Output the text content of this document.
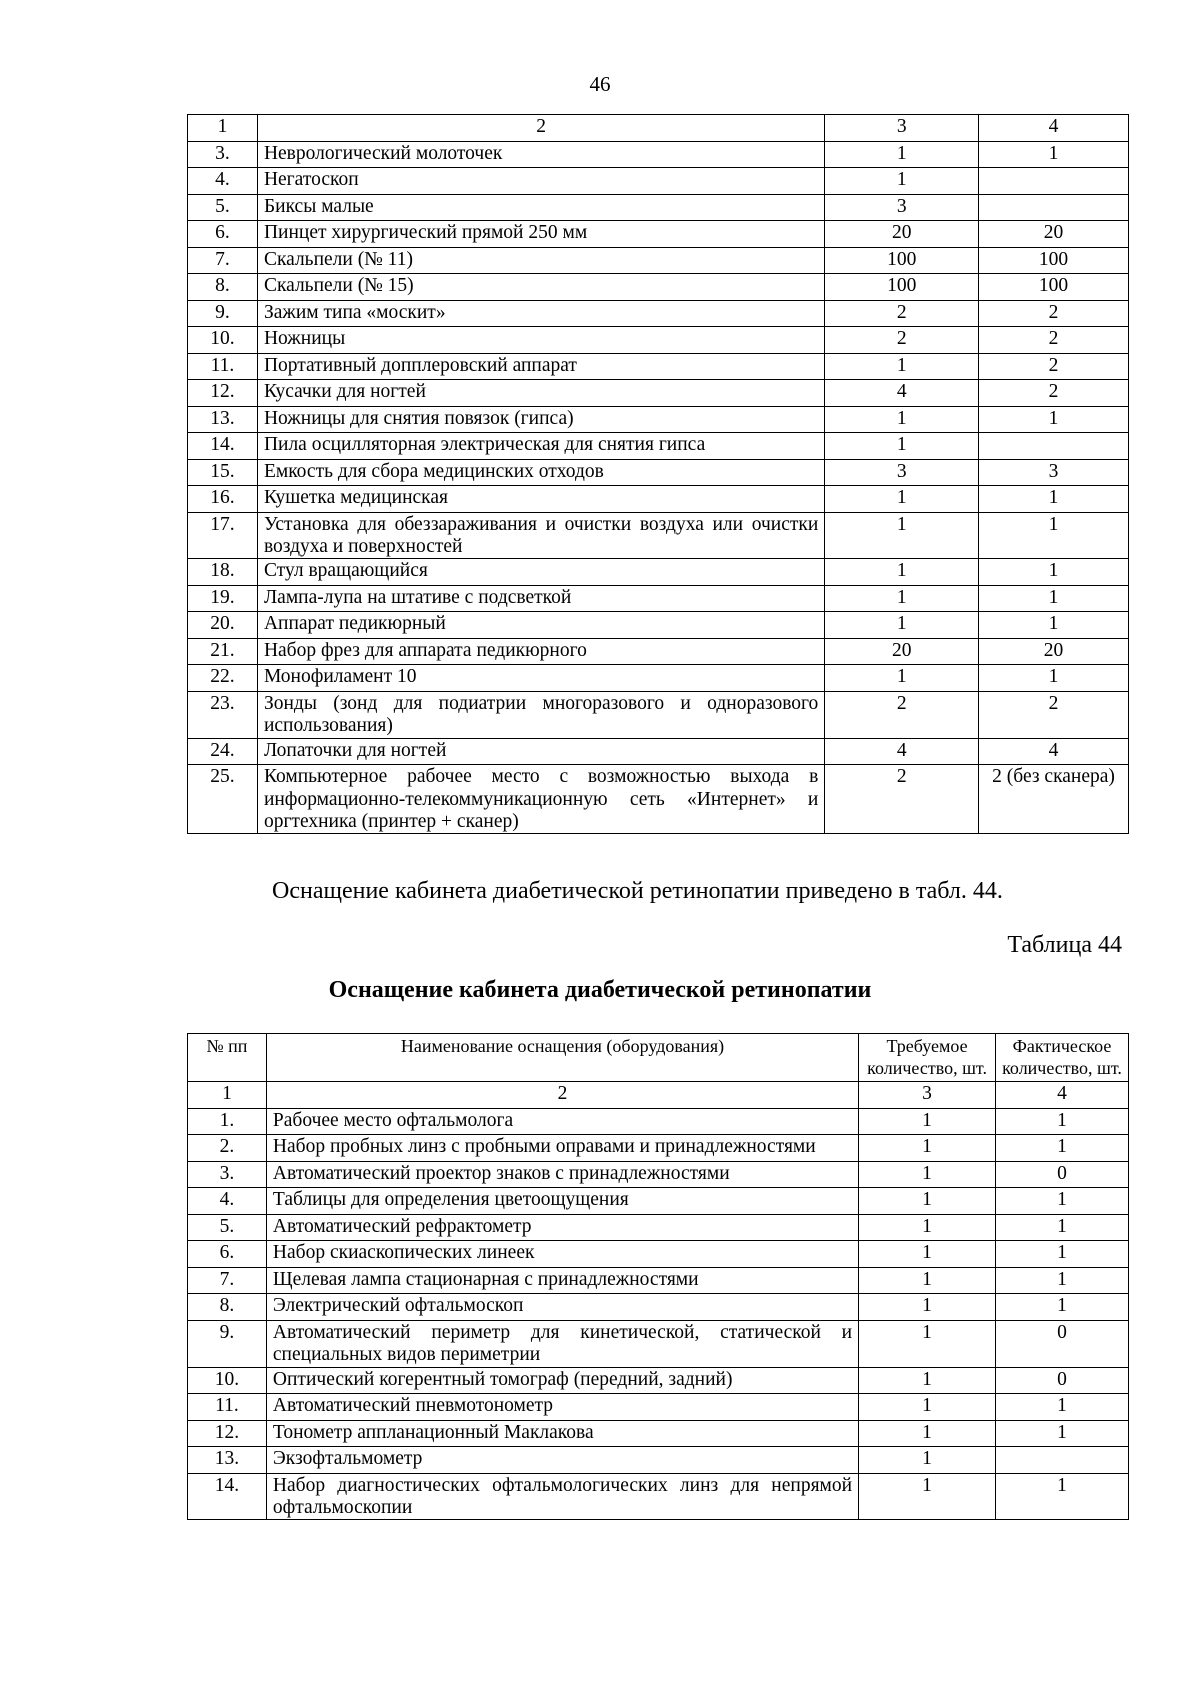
46
1	2	3	4
3.	Неврологический молоточек	1	1
4.	Негатоскоп	1	
5.	Биксы малые	3	
6.	Пинцет хирургический прямой 250 мм	20	20
7.	Скальпели (№ 11)	100	100
8.	Скальпели (№ 15)	100	100
9.	Зажим типа «москит»	2	2
10.	Ножницы	2	2
11.	Портативный допплеровский аппарат	1	2
12.	Кусачки для ногтей	4	2
13.	Ножницы для снятия повязок (гипса)	1	1
14.	Пила осцилляторная электрическая для снятия гипса	1	
15.	Емкость для сбора медицинских отходов	3	3
16.	Кушетка медицинская	1	1
17.	Установка для обеззараживания и очистки воздуха или очистки воздуха и поверхностей	1	1
18.	Стул вращающийся	1	1
19.	Лампа-лупа на штативе с подсветкой	1	1
20.	Аппарат педикюрный	1	1
21.	Набор фрез для аппарата педикюрного	20	20
22.	Монофиламент 10	1	1
23.	Зонды (зонд для подиатрии многоразового и одноразового использования)	2	2
24.	Лопаточки для ногтей	4	4
25.	Компьютерное рабочее место с возможностью выхода в информационно-телекоммуникационную сеть «Интернет» и оргтехника (принтер + сканер)	2	2 (без сканера)
Оснащение кабинета диабетической ретинопатии приведено в табл. 44.
Таблица 44
Оснащение кабинета диабетической ретинопатии
№ пп	Наименование оснащения (оборудования)	Требуемое количество, шт.	Фактическое количество, шт.
1	2	3	4
1.	Рабочее место офтальмолога	1	1
2.	Набор пробных линз с пробными оправами и принадлежностями	1	1
3.	Автоматический проектор знаков с принадлежностями	1	0
4.	Таблицы для определения цветоощущения	1	1
5.	Автоматический рефрактометр	1	1
6.	Набор скиаскопических линеек	1	1
7.	Щелевая лампа стационарная с принадлежностями	1	1
8.	Электрический офтальмоскоп	1	1
9.	Автоматический периметр для кинетической, статической и специальных видов периметрии	1	0
10.	Оптический когерентный томограф (передний, задний)	1	0
11.	Автоматический пневмотонометр	1	1
12.	Тонометр аппланационный Маклакова	1	1
13.	Экзофтальмометр	1	
14.	Набор диагностических офтальмологических линз для непрямой офтальмоскопии	1	1
